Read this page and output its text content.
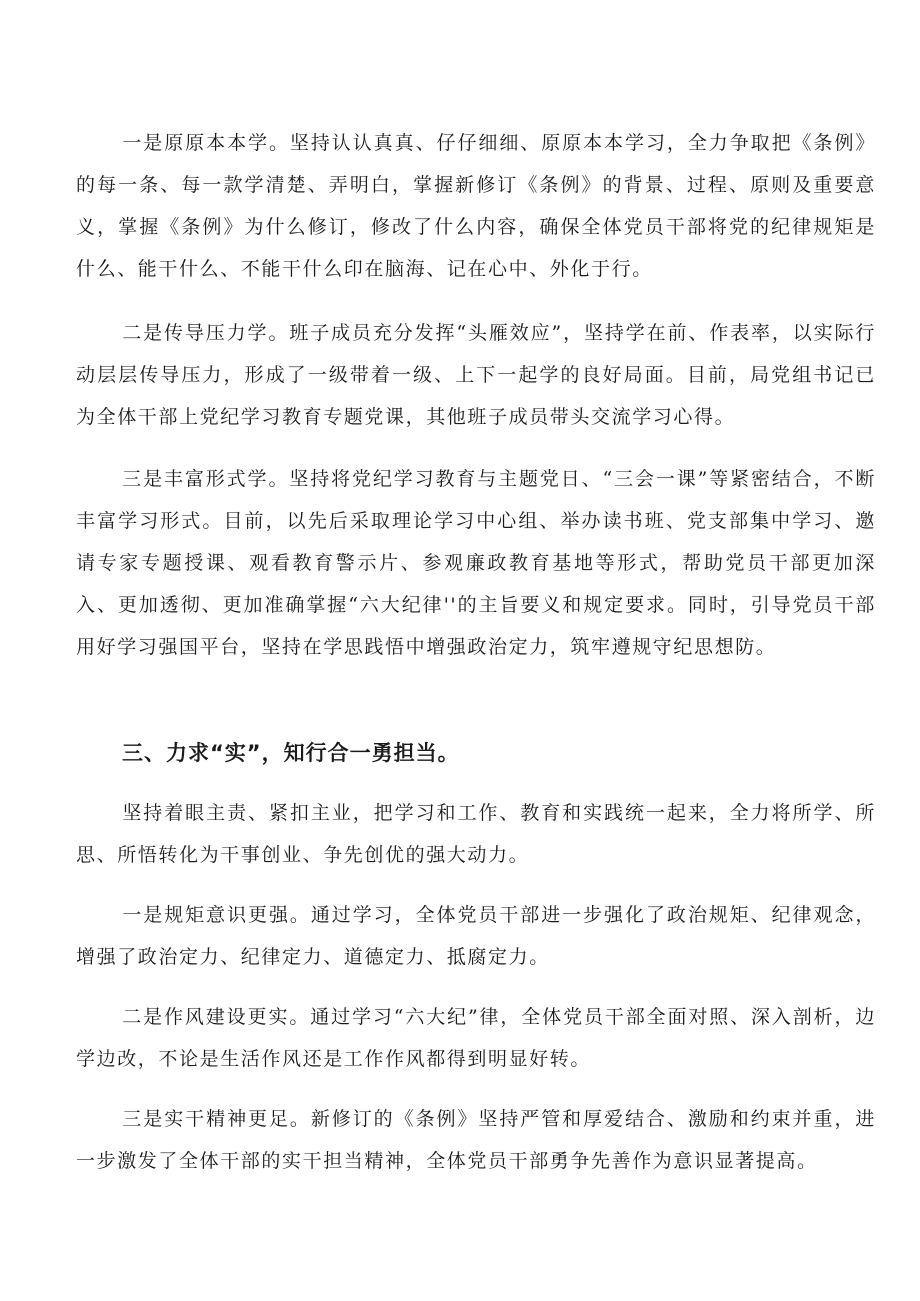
一是原原本本学。坚持认认真真、仔仔细细、原原本本学习，全力争取把《条例》的每一条、每一款学清楚、弄明白，掌握新修订《条例》的背景、过程、原则及重要意义，掌握《条例》为什么修订，修改了什么内容，确保全体党员干部将党的纪律规矩是什么、能干什么、不能干什么印在脑海、记在心中、外化于行。

二是传导压力学。班子成员充分发挥“头雁效应”，坚持学在前、作表率，以实际行动层层传导压力，形成了一级带着一级、上下一起学的良好局面。目前，局党组书记已为全体干部上党纪学习教育专题党课，其他班子成员带头交流学习心得。

三是丰富形式学。坚持将党纪学习教育与主题党日、“三会一课”等紧密结合，不断丰富学习形式。目前，以先后采取理论学习中心组、举办读书班、党支部集中学习、邀请专家专题授课、观看教育警示片、参观廉政教育基地等形式，帮助党员干部更加深入、更加透彻、更加准确掌握“六大纪律''的主旨要义和规定要求。同时，引导党员干部用好学习强国平台，坚持在学思践悟中增强政治定力，筑牢遵规守纪思想防。

三、力求“实”，知行合一勇担当。

坚持着眼主责、紧扣主业，把学习和工作、教育和实践统一起来，全力将所学、所思、所悟转化为干事创业、争先创优的强大动力。

一是规矩意识更强。通过学习，全体党员干部进一步强化了政治规矩、纪律观念，增强了政治定力、纪律定力、道德定力、抵腐定力。

二是作风建设更实。通过学习“六大纪”律，全体党员干部全面对照、深入剖析，边学边改，不论是生活作风还是工作作风都得到明显好转。

三是实干精神更足。新修订的《条例》坚持严管和厚爱结合、激励和约束并重，进一步激发了全体干部的实干担当精神，全体党员干部勇争先善作为意识显著提高。
